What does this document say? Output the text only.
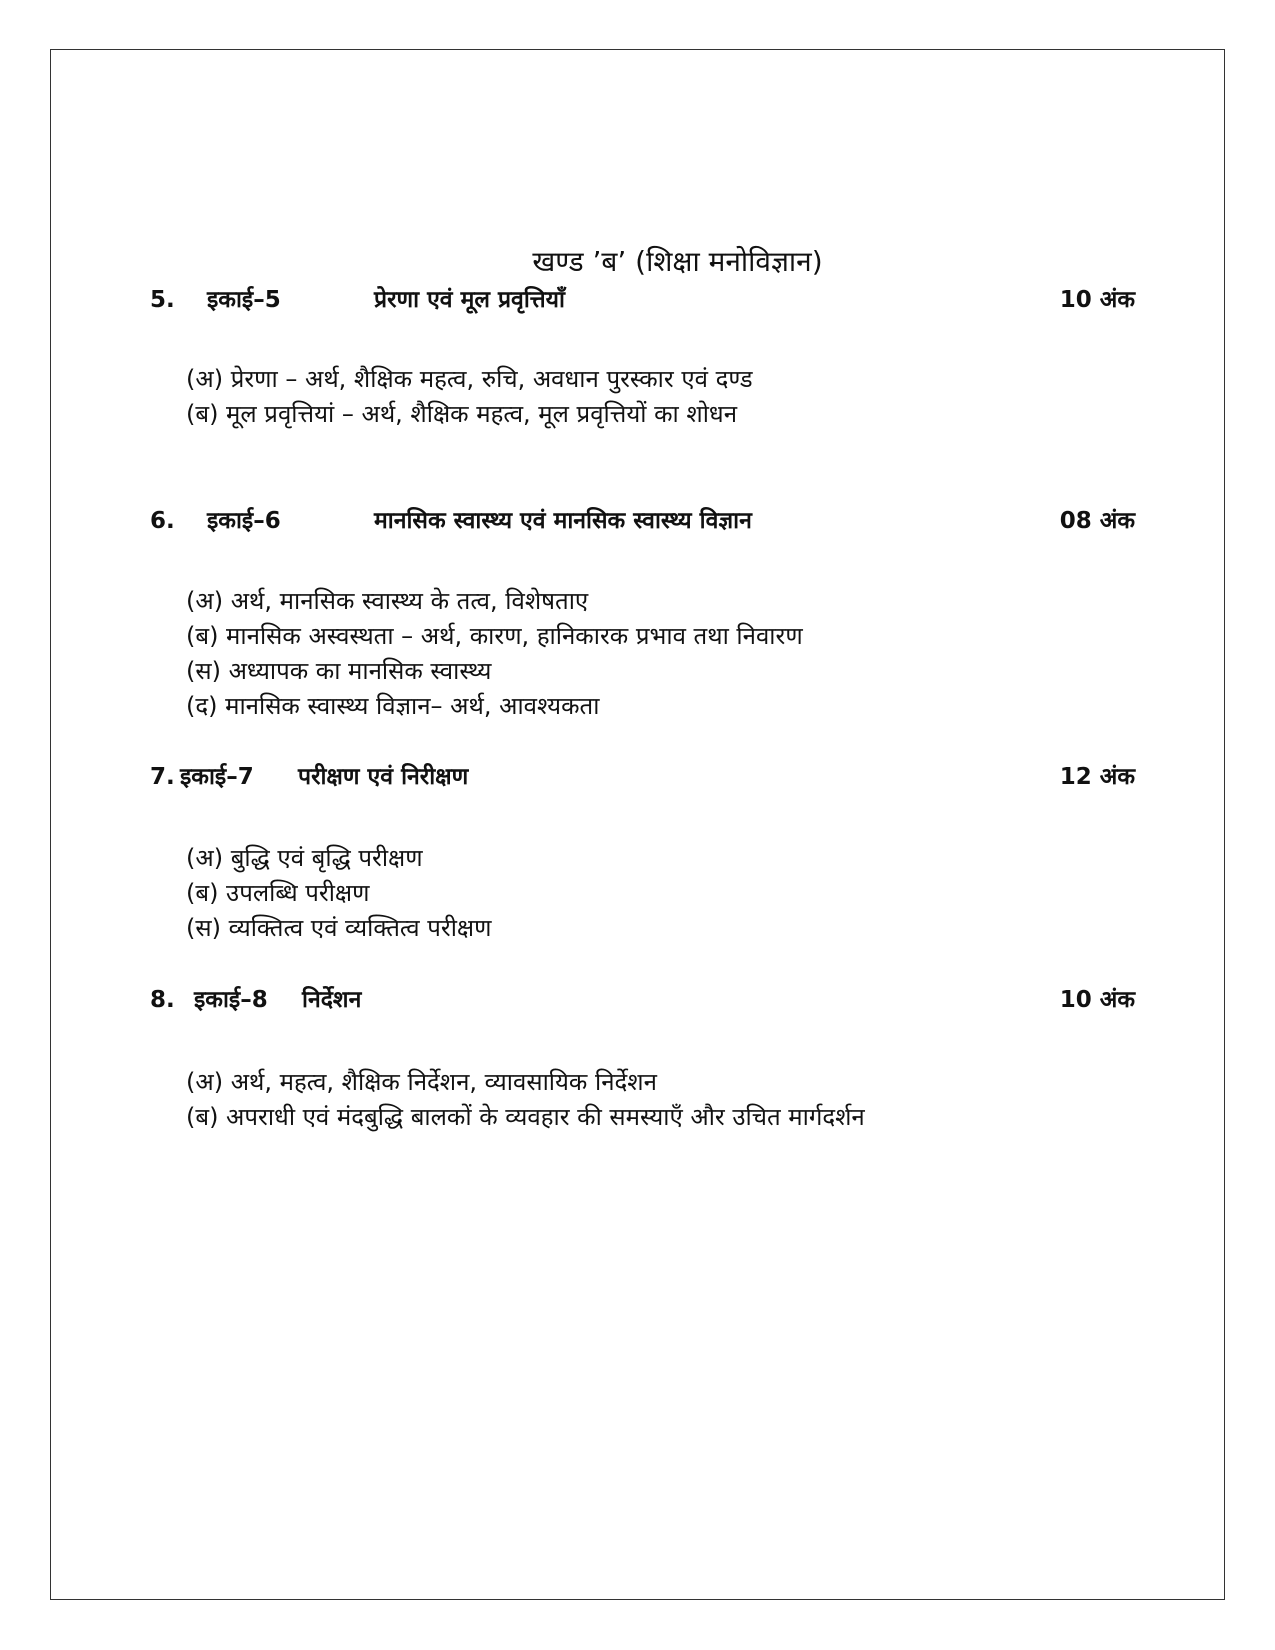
खण्ड ’ब’ (शिक्षा मनोविज्ञान)
5. इकाई–5	प्रेरणा एवं मूल प्रवृत्तियाँ	10 अंक
(अ) प्रेरणा – अर्थ, शैक्षिक महत्व, रुचि, अवधान पुरस्कार एवं दण्ड
(ब) मूल प्रवृत्तियां – अर्थ, शैक्षिक महत्व, मूल प्रवृत्तियों का शोधन
6. इकाई–6	मानसिक स्वास्थ्य एवं मानसिक स्वास्थ्य विज्ञान	08 अंक
(अ) अर्थ, मानसिक स्वास्थ्य के तत्व, विशेषताए
(ब) मानसिक अस्वस्थता – अर्थ, कारण, हानिकारक प्रभाव तथा निवारण
(स) अध्यापक का मानसिक स्वास्थ्य
(द) मानसिक स्वास्थ्य विज्ञान– अर्थ, आवश्यकता
7. इकाई–7 परीक्षण एवं निरीक्षण	12 अंक
(अ) बुद्धि एवं बृद्धि परीक्षण
(ब) उपलब्धि परीक्षण
(स) व्यक्तित्व एवं व्यक्तित्व परीक्षण
8. इकाई–8 निर्देशन	10 अंक
(अ) अर्थ, महत्व, शैक्षिक निर्देशन, व्यावसायिक निर्देशन
(ब) अपराधी एवं मंदबुद्धि बालकों के व्यवहार की समस्याएँ और उचित मार्गदर्शन
